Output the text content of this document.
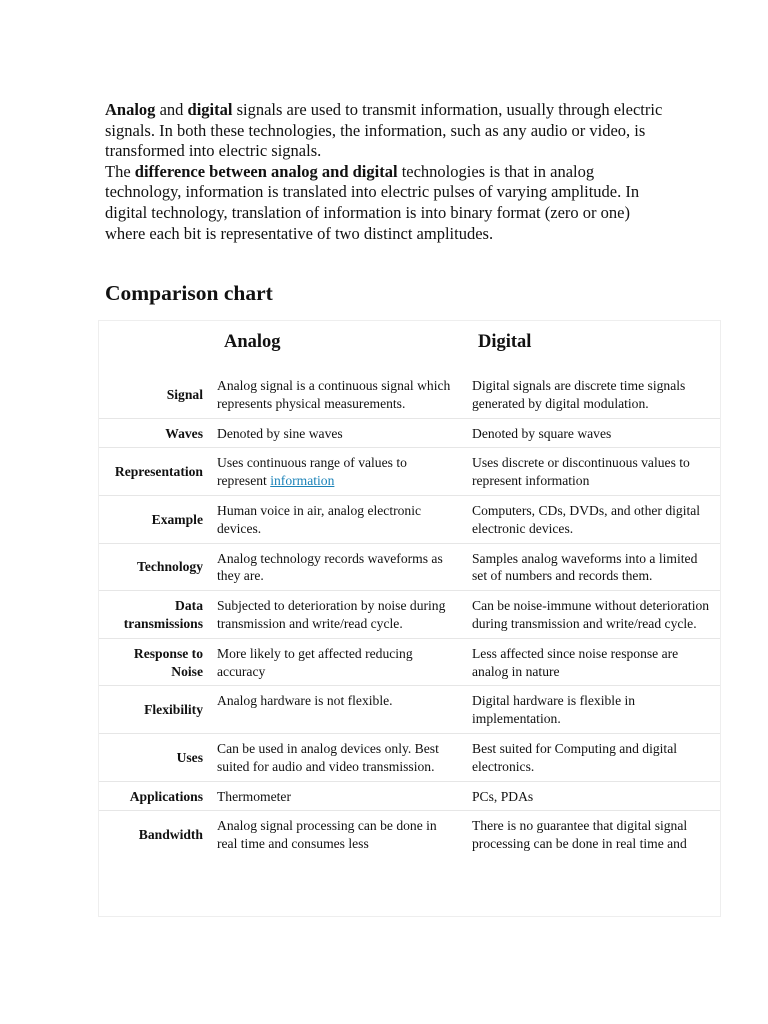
Analog and digital signals are used to transmit information, usually through electric signals. In both these technologies, the information, such as any audio or video, is transformed into electric signals.

The difference between analog and digital technologies is that in analog technology, information is translated into electric pulses of varying amplitude. In digital technology, translation of information is into binary format (zero or one) where each bit is representative of two distinct amplitudes.

Comparison chart
	Analog	Digital
Signal	Analog signal is a continuous signal which represents physical measurements.	Digital signals are discrete time signals generated by digital modulation.
Waves	Denoted by sine waves	Denoted by square waves
Representation	Uses continuous range of values to represent information	Uses discrete or discontinuous values to represent information
Example	Human voice in air, analog electronic devices.	Computers, CDs, DVDs, and other digital electronic devices.
Technology	Analog technology records waveforms as they are.	Samples analog waveforms into a limited set of numbers and records them.
Data transmissions	Subjected to deterioration by noise during transmission and write/read cycle.	Can be noise-immune without deterioration during transmission and write/read cycle.
Response to Noise	More likely to get affected reducing accuracy	Less affected since noise response are analog in nature
Flexibility	Analog hardware is not flexible.	Digital hardware is flexible in implementation.
Uses	Can be used in analog devices only. Best suited for audio and video transmission.	Best suited for Computing and digital electronics.
Applications	Thermometer	PCs, PDAs
Bandwidth	Analog signal processing can be done in real time and consumes less	There is no guarantee that digital signal processing can be done in real time and
